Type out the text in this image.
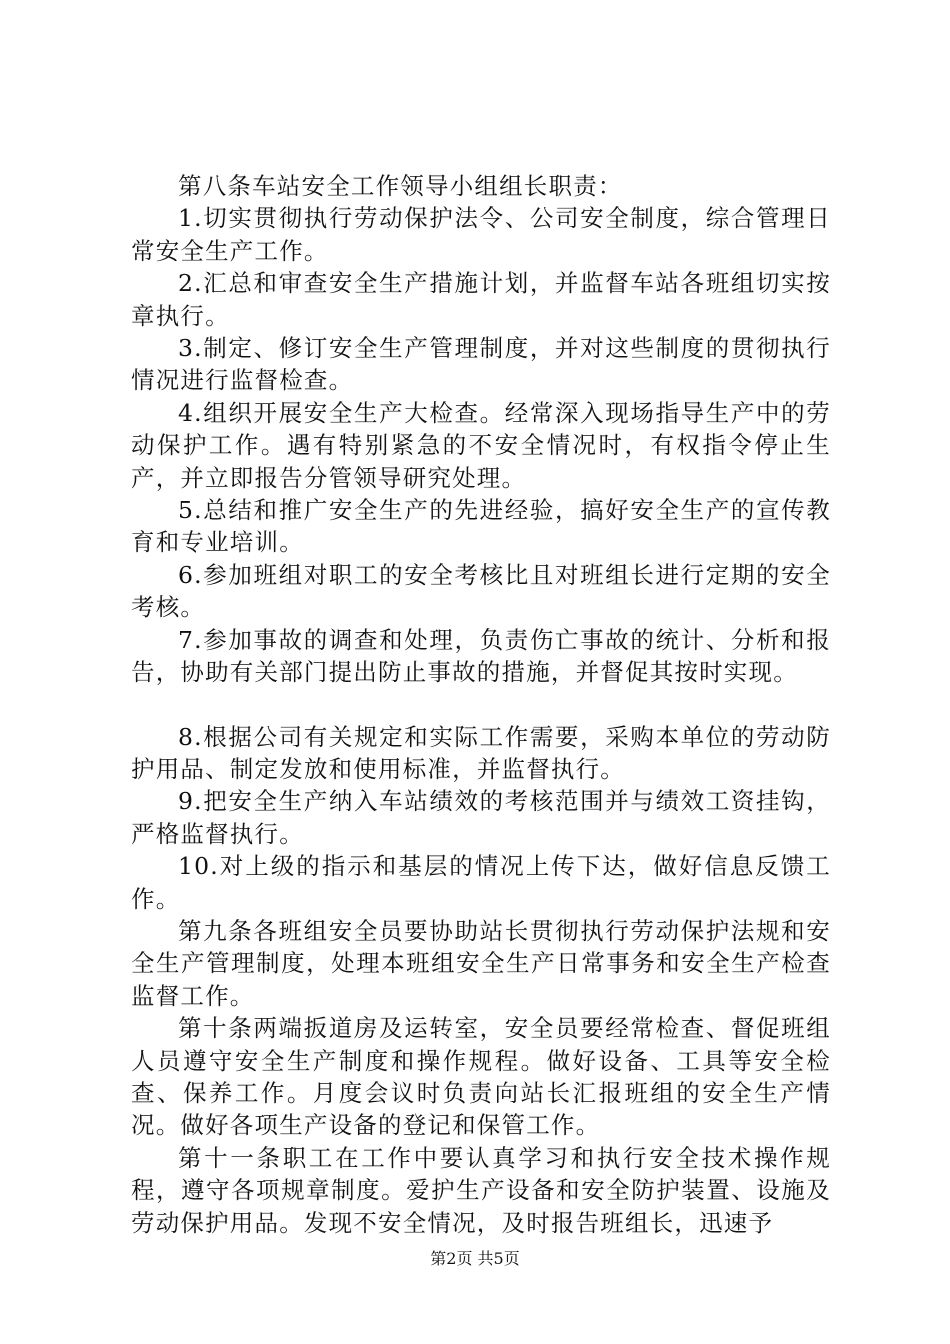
第八条车站安全工作领导小组组长职责：

1.切实贯彻执行劳动保护法令、公司安全制度，综合管理日常安全生产工作。

2.汇总和审查安全生产措施计划，并监督车站各班组切实按章执行。

3.制定、修订安全生产管理制度，并对这些制度的贯彻执行情况进行监督检查。

4.组织开展安全生产大检查。经常深入现场指导生产中的劳动保护工作。遇有特别紧急的不安全情况时，有权指令停止生产，并立即报告分管领导研究处理。

5.总结和推广安全生产的先进经验，搞好安全生产的宣传教育和专业培训。

6.参加班组对职工的安全考核比且对班组长进行定期的安全考核。

7.参加事故的调查和处理，负责伤亡事故的统计、分析和报告，协助有关部门提出防止事故的措施，并督促其按时实现。

8.根据公司有关规定和实际工作需要，采购本单位的劳动防护用品、制定发放和使用标准，并监督执行。

9.把安全生产纳入车站绩效的考核范围并与绩效工资挂钩，严格监督执行。

10.对上级的指示和基层的情况上传下达，做好信息反馈工作。

第九条各班组安全员要协助站长贯彻执行劳动保护法规和安全生产管理制度，处理本班组安全生产日常事务和安全生产检查监督工作。

第十条两端扳道房及运转室，安全员要经常检查、督促班组人员遵守安全生产制度和操作规程。做好设备、工具等安全检查、保养工作。月度会议时负责向站长汇报班组的安全生产情况。做好各项生产设备的登记和保管工作。

第十一条职工在工作中要认真学习和执行安全技术操作规程，遵守各项规章制度。爱护生产设备和安全防护装置、设施及劳动保护用品。发现不安全情况，及时报告班组长，迅速予

第2页 共5页
